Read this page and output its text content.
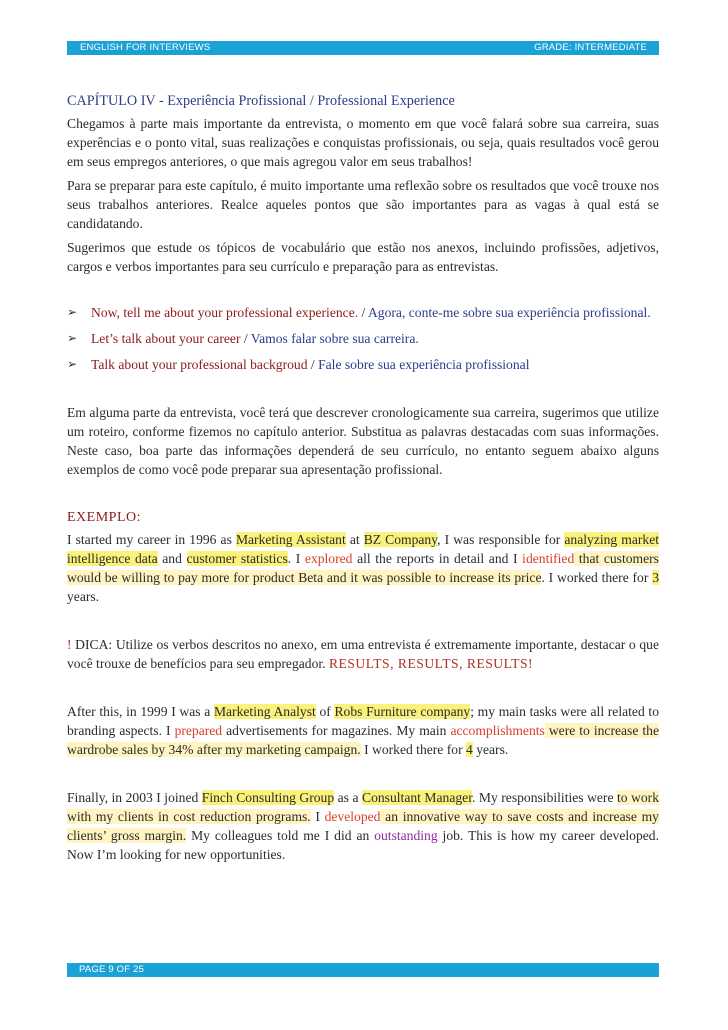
ENGLISH FOR INTERVIEWS	GRADE: INTERMEDIATE

CAPÍTULO IV - Experiência Profissional / Professional Experience

Chegamos à parte mais importante da entrevista, o momento em que você falará sobre sua carreira, suas experências e o ponto vital, suas realizações e conquistas profissionais, ou seja, quais resultados você gerou em seus empregos anteriores, o que mais agregou valor em seus trabalhos!

Para se preparar para este capítulo, é muito importante uma reflexão sobre os resultados que você trouxe nos seus trabalhos anteriores. Realce aqueles pontos que são importantes para as vagas à qual está se candidatando.

Sugerimos que estude os tópicos de vocabulário que estão nos anexos, incluindo profissões, adjetivos, cargos e verbos importantes para seu currículo e preparação para as entrevistas.

➢ Now, tell me about your professional experience. / Agora, conte-me sobre sua experiência profissional.
➢ Let’s talk about your career / Vamos falar sobre sua carreira.
➢ Talk about your professional backgroud / Fale sobre sua experiência profissional

Em alguma parte da entrevista, você terá que descrever cronologicamente sua carreira, sugerimos que utilize um roteiro, conforme fizemos no capítulo anterior. Substitua as palavras destacadas com suas informações. Neste caso, boa parte das informações dependerá de seu currículo, no entanto seguem abaixo alguns exemplos de como você pode preparar sua apresentação profissional.

EXEMPLO:

I started my career in 1996 as Marketing Assistant at BZ Company, I was responsible for analyzing market intelligence data and customer statistics. I explored all the reports in detail and I identified that customers would be willing to pay more for product Beta and it was possible to increase its price. I worked there for 3 years.

! DICA: Utilize os verbos descritos no anexo, em uma entrevista é extremamente importante, destacar o que você trouxe de benefícios para seu empregador. RESULTS, RESULTS, RESULTS!

After this, in 1999 I was a Marketing Analyst of Robs Furniture company; my main tasks were all related to branding aspects. I prepared advertisements for magazines. My main accomplishments were to increase the wardrobe sales by 34% after my marketing campaign. I worked there for 4 years.

Finally, in 2003 I joined Finch Consulting Group as a Consultant Manager. My responsibilities were to work with my clients in cost reduction programs. I developed an innovative way to save costs and increase my clients’ gross margin. My colleagues told me I did an outstanding job. This is how my career developed. Now I’m looking for new opportunities.

PAGE 9 OF 25
